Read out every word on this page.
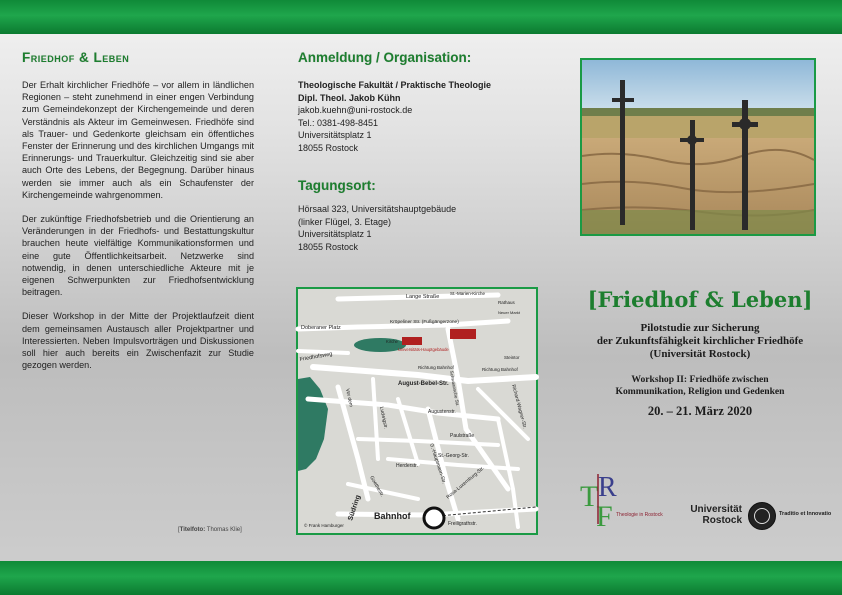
Friedhof & Leben

Der Erhalt kirchlicher Friedhöfe – vor allem in ländlichen Regionen – steht zunehmend in einer engen Verbindung zum Gemeindekonzept der Kirchengemeinde und deren Verständnis als Akteur im Gemeinwesen. Friedhöfe sind als Trauer- und Gedenkorte gleichsam ein öffentliches Fenster der Erinnerung und des kirchlichen Umgangs mit Erinnerungs- und Trauerkultur. Gleichzeitig sind sie aber auch Orte des Lebens, der Begegnung. Darüber hinaus werden sie immer auch als ein Schaufenster der Kirchengemeinde wahrgenommen.

Der zukünftige Friedhofsbetrieb und die Orientierung an Veränderungen in der Friedhofs- und Bestattungskultur brauchen heute vielfältige Kommunikationsformen und eine gute Öffentlichkeitsarbeit. Netzwerke sind notwendig, in denen unterschiedliche Akteure mit je eigenen Schwerpunkten zur Friedhofsentwicklung beitragen.

Dieser Workshop in der Mitte der Projektlaufzeit dient dem gemeinsamen Austausch aller Projektpartner und Interessierten. Neben Impulsvorträgen und Diskussionen soll hier auch bereits ein Zwischenfazit zur Studie gezogen werden.

[Titelfoto: Thomas Klie]
Anmeldung / Organisation:

Theologische Fakultät / Praktische Theologie

Dipl. Theol. Jakob Kühn

jakob.kuehn@uni-rostock.de

Tel.: 0381-498-8451

Universitätsplatz 1

18055 Rostock

Tagungsort:

Hörsaal 323, Universitätshauptgebäude

(linker Flügel, 3. Etage)

Universitätsplatz 1

18055 Rostock

Lange Straße
St.-Marien-Kirche
Rathaus
Neuer Markt
Kröpeliner Str. (Fußgängerzone)
Universitäts-Hauptgebäude
Kirche
Schwaansche Str.
Steintor
Doberaner Platz
Friedhofsweg
Richtung Bahnhof	Richtung Bahnhof
August-Bebel-Str.
Vor dem
Augustenstr.	Richard-Wagner-Str.
Paulstraße
Ludwigstr.
Herderstr.
St.-Georg-Str.
G.-Hauptmann-Str.
Rosa-Luxemburg-Str.
Südring
Goethestr.
Bahnhof
Freiligrathstr.
© Frank Hamburger
[Friedhof & Leben]
Pilotstudie zur Sicherung
der Zukunftsfähigkeit kirchlicher Friedhöfe
(Universität Rostock)
Workshop II: Friedhöfe zwischen
Kommunikation, Religion und Gedenken
20. – 21. März 2020
T R
F Theologie in Rostock	Universität
Rostock
Traditio et Innovatio
